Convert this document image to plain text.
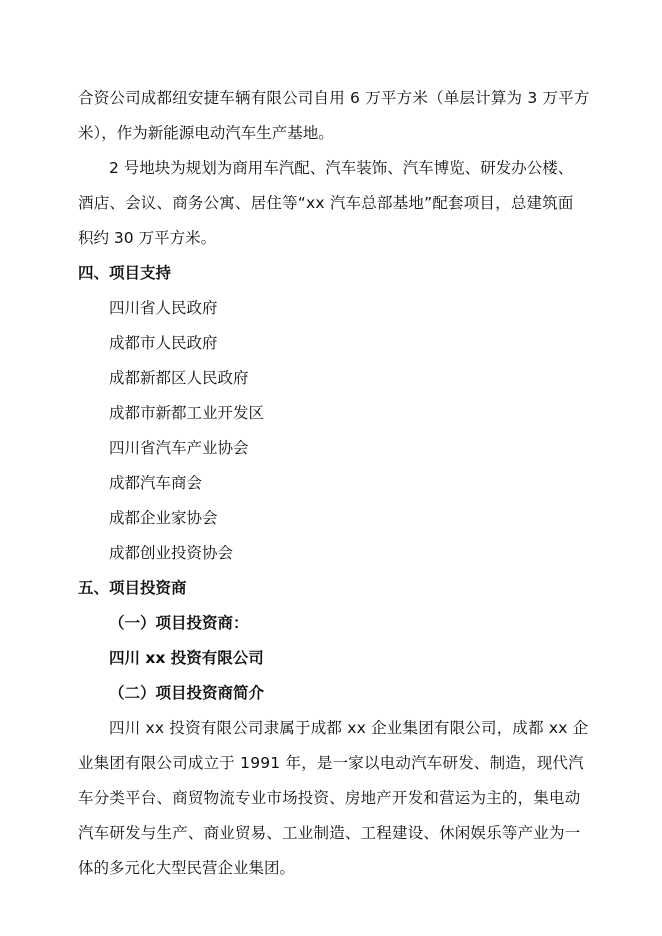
合资公司成都纽安捷车辆有限公司自用 6 万平方米（单层计算为 3 万平方
米），作为新能源电动汽车生产基地。
2 号地块为规划为商用车汽配、汽车装饰、汽车博览、研发办公楼、
酒店、会议、商务公寓、居住等“xx 汽车总部基地”配套项目，总建筑面
积约 30 万平方米。
四、项目支持
四川省人民政府
成都市人民政府
成都新都区人民政府
成都市新都工业开发区
四川省汽车产业协会
成都汽车商会
成都企业家协会
成都创业投资协会
五、项目投资商
（一）项目投资商：
四川 xx 投资有限公司
（二）项目投资商简介
四川 xx 投资有限公司隶属于成都 xx 企业集团有限公司，成都 xx 企
业集团有限公司成立于 1991 年，是一家以电动汽车研发、制造，现代汽
车分类平台、商贸物流专业市场投资、房地产开发和营运为主的，集电动
汽车研发与生产、商业贸易、工业制造、工程建设、休闲娱乐等产业为一
体的多元化大型民营企业集团。
